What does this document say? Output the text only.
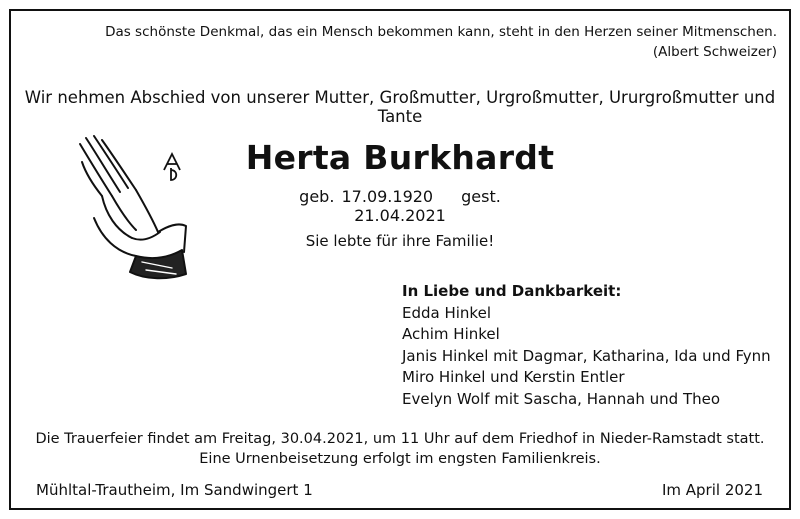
Das schönste Denkmal, das ein Mensch bekommen kann, steht in den Herzen seiner Mitmenschen.
(Albert Schweizer)
Wir nehmen Abschied von unserer Mutter, Großmutter, Urgroßmutter, Ururgroßmutter und Tante
Herta Burkhardt
geb. 17.09.1920 gest. 21.04.2021
Sie lebte für ihre Familie!
In Liebe und Dankbarkeit:
Edda Hinkel
Achim Hinkel
Janis Hinkel mit Dagmar, Katharina, Ida und Fynn
Miro Hinkel und Kerstin Entler
Evelyn Wolf mit Sascha, Hannah und Theo
Die Trauerfeier findet am Freitag, 30.04.2021, um 11 Uhr auf dem Friedhof in Nieder-Ramstadt statt.
Eine Urnenbeisetzung erfolgt im engsten Familienkreis.
Mühltal-Trautheim, Im Sandwingert 1	Im April 2021
